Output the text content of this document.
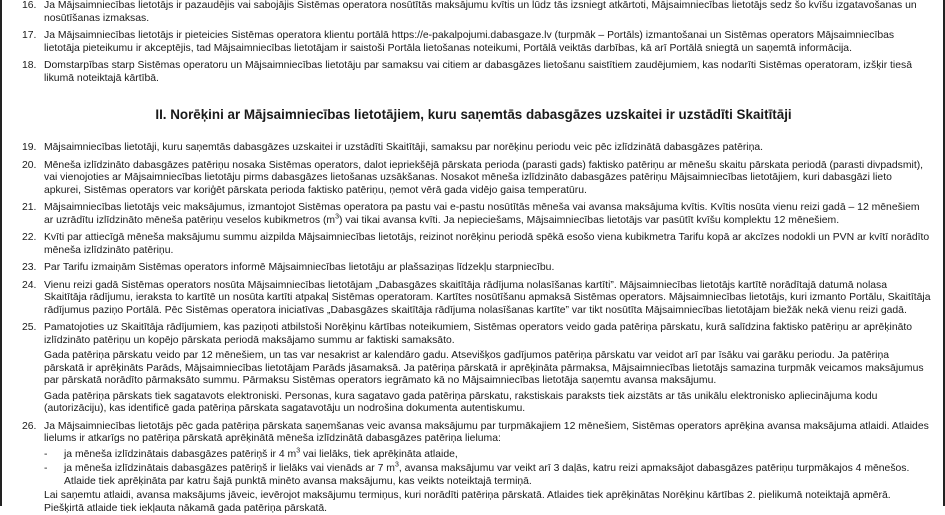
16. Ja Mājsaimniecības lietotājs ir pazaudējis vai sabojājis Sistēmas operatora nosūtītās maksājumu kvītis un lūdz tās izsniegt atkārtoti, Mājsaimniecības lietotājs sedz šo kvīšu izgatavošanas un nosūtīšanas izmaksas.
17. Ja Mājsaimniecības lietotājs ir pieteicies Sistēmas operatora klientu portālā https://e-pakalpojumi.dabasgaze.lv (turpmāk – Portāls) izmantošanai un Sistēmas operators Mājsaimniecības lietotāja pieteikumu ir akceptējis, tad Mājsaimniecības lietotājam ir saistoši Portāla lietošanas noteikumi, Portālā veiktās darbības, kā arī Portālā sniegtā un saņemtā informācija.
18. Domstarpības starp Sistēmas operatoru un Mājsaimniecības lietotāju par samaksu vai citiem ar dabasgāzes lietošanu saistītiem zaudējumiem, kas nodarīti Sistēmas operatoram, izšķir tiesā likumā noteiktajā kārtībā.
II. Norēķini ar Mājsaimniecības lietotājiem, kuru saņemtās dabasgāzes uzskaitei ir uzstādīti Skaitītāji
19. Mājsaimniecības lietotāji, kuru saņemtās dabasgāzes uzskaitei ir uzstādīti Skaitītāji, samaksu par norēķinu periodu veic pēc izlīdzinātā dabasgāzes patēriņa.
20. Mēneša izlīdzināto dabasgāzes patēriņu nosaka Sistēmas operators, dalot iepriekšējā pārskata perioda (parasti gads) faktisko patēriņu ar mēnešu skaitu pārskata periodā (parasti divpadsmit), vai vienojoties ar Mājsaimniecības lietotāju pirms dabasgāzes lietošanas uzsākšanas. Nosakot mēneša izlīdzināto dabasgāzes patēriņu Mājsaimniecības lietotājiem, kuri dabasgāzi lieto apkurei, Sistēmas operators var koriģēt pārskata perioda faktisko patēriņu, ņemot vērā gada vidējo gaisa temperatūru.
21. Mājsaimniecības lietotājs veic maksājumus, izmantojot Sistēmas operatora pa pastu vai e-pastu nosūtītās mēneša vai avansa maksājuma kvītis. Kvītis nosūta vienu reizi gadā – 12 mēnešiem ar uzrādītu izlīdzināto mēneša patēriņu veselos kubikmetros $(m^3)$ vai tikai avansa kvīti. Ja nepieciešams, Mājsaimniecības lietotājs var pasūtīt kvīšu komplektu 12 mēnešiem.
22. Kvīti par attiecīgā mēneša maksājumu summu aizpilda Mājsaimniecības lietotājs, reizinot norēķinu periodā spēkā esošo viena kubikmetra Tarifu kopā ar akcīzes nodokli un PVN ar kvītī norādīto mēneša izlīdzināto patēriņu.
23. Par Tarifu izmaiņām Sistēmas operators informē Mājsaimniecības lietotāju ar plašsaziņas līdzekļu starpniecību.
24. Vienu reizi gadā Sistēmas operators nosūta Mājsaimniecības lietotājam „Dabasgāzes skaitītāja rādījuma nolasīšanas kartīti”. Mājsaimniecības lietotājs kartītē norādītajā datumā nolasa Skaitītāja rādījumu, ieraksta to kartītē un nosūta kartīti atpakaļ Sistēmas operatoram. Kartītes nosūtīšanu apmaksā Sistēmas operators. Mājsaimniecības lietotājs, kuri izmanto Portālu, Skaitītāja rādījumus paziņo Portālā. Pēc Sistēmas operatora iniciatīvas „Dabasgāzes skaitītāja rādījuma nolasīšanas kartīte” var tikt nosūtīta Mājsaimniecības lietotājam biežāk nekā vienu reizi gadā.
25. Pamatojoties uz Skaitītāja rādījumiem, kas paziņoti atbilstoši Norēķinu kārtības noteikumiem, Sistēmas operators veido gada patēriņa pārskatu, kurā salīdzina faktisko patēriņu ar aprēķināto izlīdzināto patēriņu un kopējo pārskata periodā maksājamo summu ar faktiski samaksāto.

Gada patēriņa pārskatu veido par 12 mēnešiem, un tas var nesakrist ar kalendāro gadu. Atsevišķos gadījumos patēriņa pārskatu var veidot arī par īsāku vai garāku periodu. Ja patēriņa pārskatā ir aprēķināts Parāds, Mājsaimniecības lietotājam Parāds jāsamaksā. Ja patēriņa pārskatā ir aprēķināta pārmaksa, Mājsaimniecības lietotājs samazina turpmāk veicamos maksājumus par pārskatā norādīto pārmaksāto summu. Pārmaksu Sistēmas operators iegrāmato kā no Mājsaimniecības lietotāja saņemtu avansa maksājumu.

Gada patēriņa pārskats tiek sagatavots elektroniski. Personas, kura sagatavo gada patēriņa pārskatu, rakstiskais paraksts tiek aizstāts ar tās unikālu elektronisko apliecinājuma kodu (autorizāciju), kas identificē gada patēriņa pārskata sagatavotāju un nodrošina dokumenta autentiskumu.

26. Ja Mājsaimniecības lietotājs pēc gada patēriņa pārskata saņemšanas veic avansa maksājumu par turpmākajiem 12 mēnešiem, Sistēmas operators aprēķina avansa maksājuma atlaidi. Atlaides lielums ir atkarīgs no patēriņa pārskatā aprēķinātā mēneša izlīdzinātā dabasgāzes patēriņa lieluma:

-	ja mēneša izlīdzinātais dabasgāzes patēriņš ir 4 $m^3$ vai lielāks, tiek aprēķināta atlaide,
-	ja mēneša izlīdzinātais dabasgāzes patēriņš ir lielāks vai vienāds ar 7 $m^3$, avansa maksājumu var veikt arī 3 daļās, katru reizi apmaksājot dabasgāzes patēriņu turpmākajos 4 mēnešos. Atlaide tiek aprēķināta par katru šajā punktā minēto avansa maksājumu, kas veikts noteiktajā termiņā.

Lai saņemtu atlaidi, avansa maksājums jāveic, ievērojot maksājumu termiņus, kuri norādīti patēriņa pārskatā. Atlaides tiek aprēķinātas Norēķinu kārtības 2. pielikumā noteiktajā apmērā. Piešķirtā atlaide tiek iekļauta nākamā gada patēriņa pārskatā.
